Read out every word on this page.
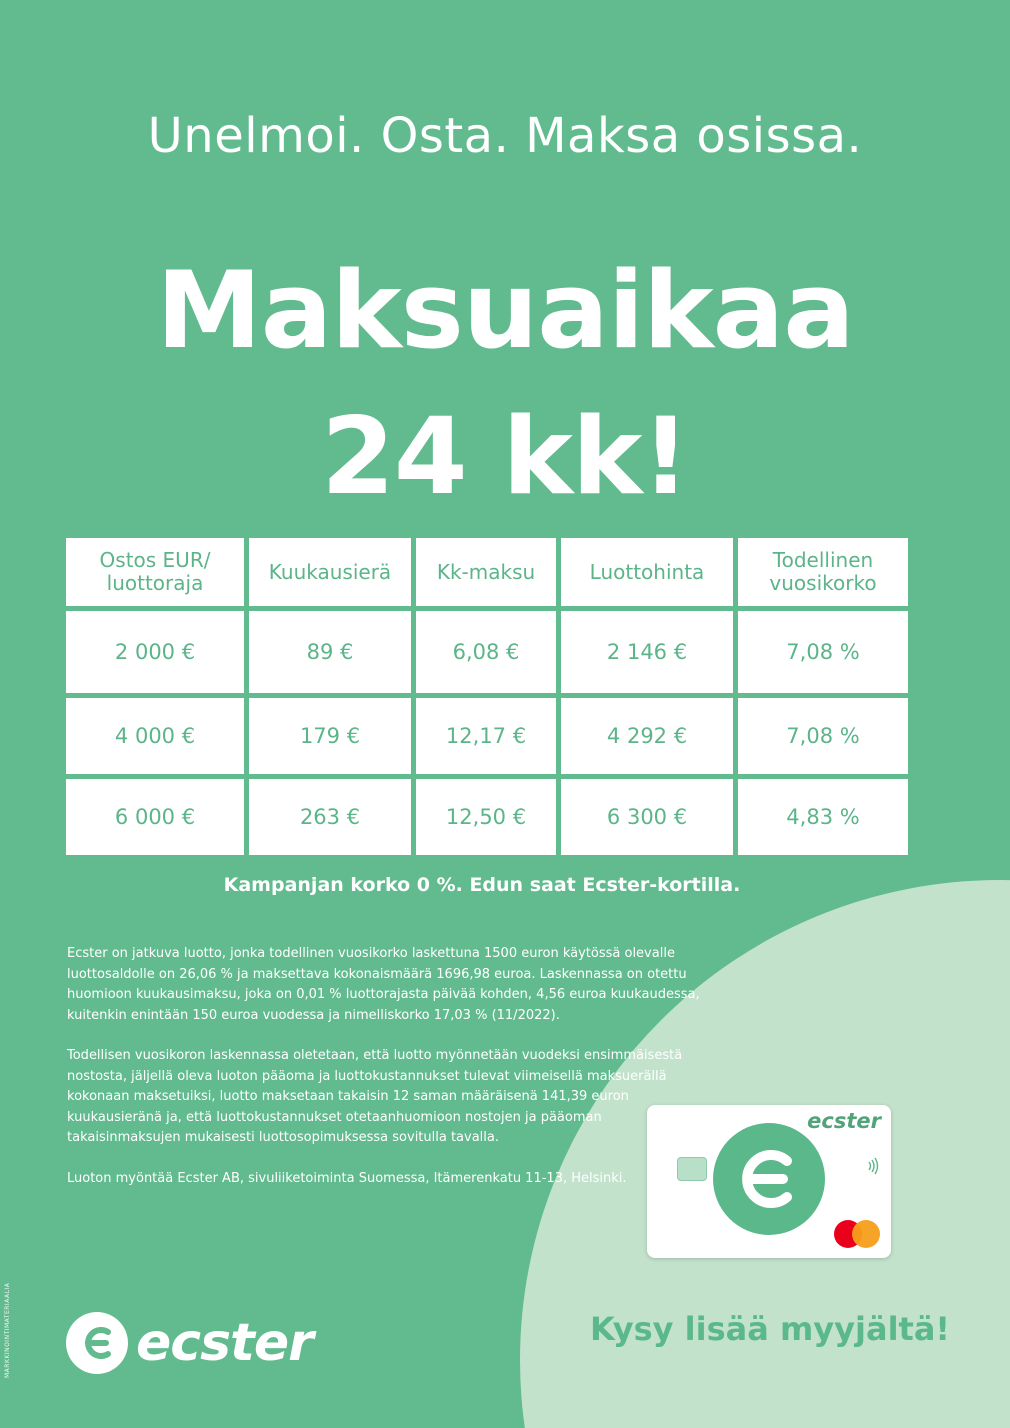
Unelmoi. Osta. Maksa osissa.
Maksuaikaa
24 kk!
Ostos EUR/ luottoraja	Kuukausierä	Kk-maksu	Luottohinta	Todellinen vuosikorko
2 000 €	89 €	6,08 €	2 146 €	7,08 %
4 000 €	179 €	12,17 €	4 292 €	7,08 %
6 000 €	263 €	12,50 €	6 300 €	4,83 %

Kampanjan korko 0 %. Edun saat Ecster-kortilla.

Ecster on jatkuva luotto, jonka todellinen vuosikorko laskettuna 1500 euron käytössä olevalle luottosaldolle on 26,06 % ja maksettava kokonaismäärä 1696,98 euroa. Laskennassa on otettu huomioon kuukausimaksu, joka on 0,01 % luottorajasta päivää kohden, 4,56 euroa kuukaudessa, kuitenkin enintään 150 euroa vuodessa ja nimelliskorko 17,03 % (11/2022).

Todellisen vuosikoron laskennassa oletetaan, että luotto myönnetään vuodeksi ensimmäisestä nostosta, jäljellä oleva luoton pääoma ja luottokustannukset tulevat viimeisellä maksuerällä kokonaan maksetuiksi, luotto maksetaan takaisin 12 saman määräisenä 141,39 euron kuukausieränä ja, että luottokustannukset otetaanhuomioon nostojen ja pääoman takaisinmaksujen mukaisesti luottosopimuksessa sovitulla tavalla.

Luoton myöntää Ecster AB, sivuliiketoiminta Suomessa, Itämerenkatu 11-13, Helsinki.

MARKKINOINTIMATERIAALIA ecster
ecster

Kysy lisää myyjältä!
